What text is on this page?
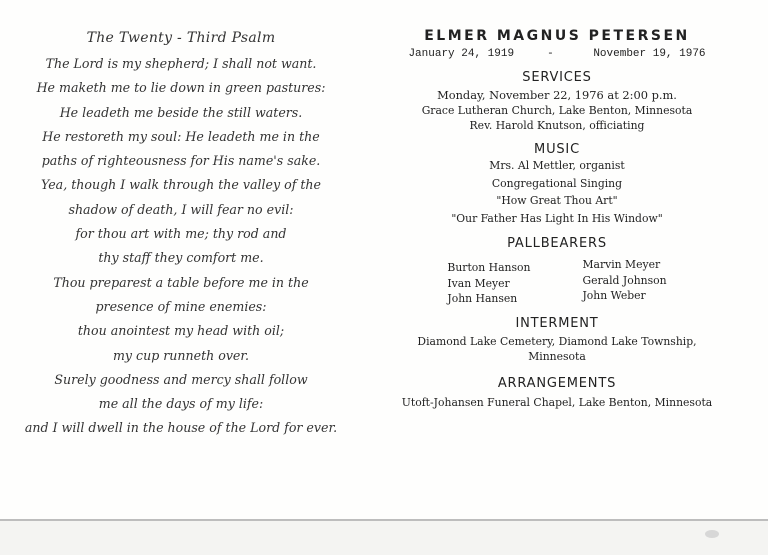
The Twenty - Third Psalm
The Lord is my shepherd; I shall not want.
He maketh me to lie down in green pastures:
He leadeth me beside the still waters.
He restoreth my soul: He leadeth me in the
paths of righteousness for His name's sake.
Yea, though I walk through the valley of the
shadow of death, I will fear no evil:
for thou art with me; thy rod and
thy staff they comfort me.
Thou preparest a table before me in the
presence of mine enemies:
thou anointest my head with oil;
my cup runneth over.
Surely goodness and mercy shall follow
me all the days of my life:
and I will dwell in the house of the Lord for ever.
ELMER MAGNUS PETERSEN
January 24, 1919	-	November 19, 1976
SERVICES
Monday, November 22, 1976 at 2:00 p.m.
Grace Lutheran Church, Lake Benton, Minnesota
Rev. Harold Knutson, officiating
MUSIC
Mrs. Al Mettler, organist
Congregational Singing
"How Great Thou Art"
"Our Father Has Light In His Window"
PALLBEARERS
Burton Hanson
Ivan Meyer
John Hansen
Marvin Meyer
Gerald Johnson
John Weber
INTERMENT
Diamond Lake Cemetery, Diamond Lake Township,
Minnesota
ARRANGEMENTS
Utoft-Johansen Funeral Chapel, Lake Benton, Minnesota
